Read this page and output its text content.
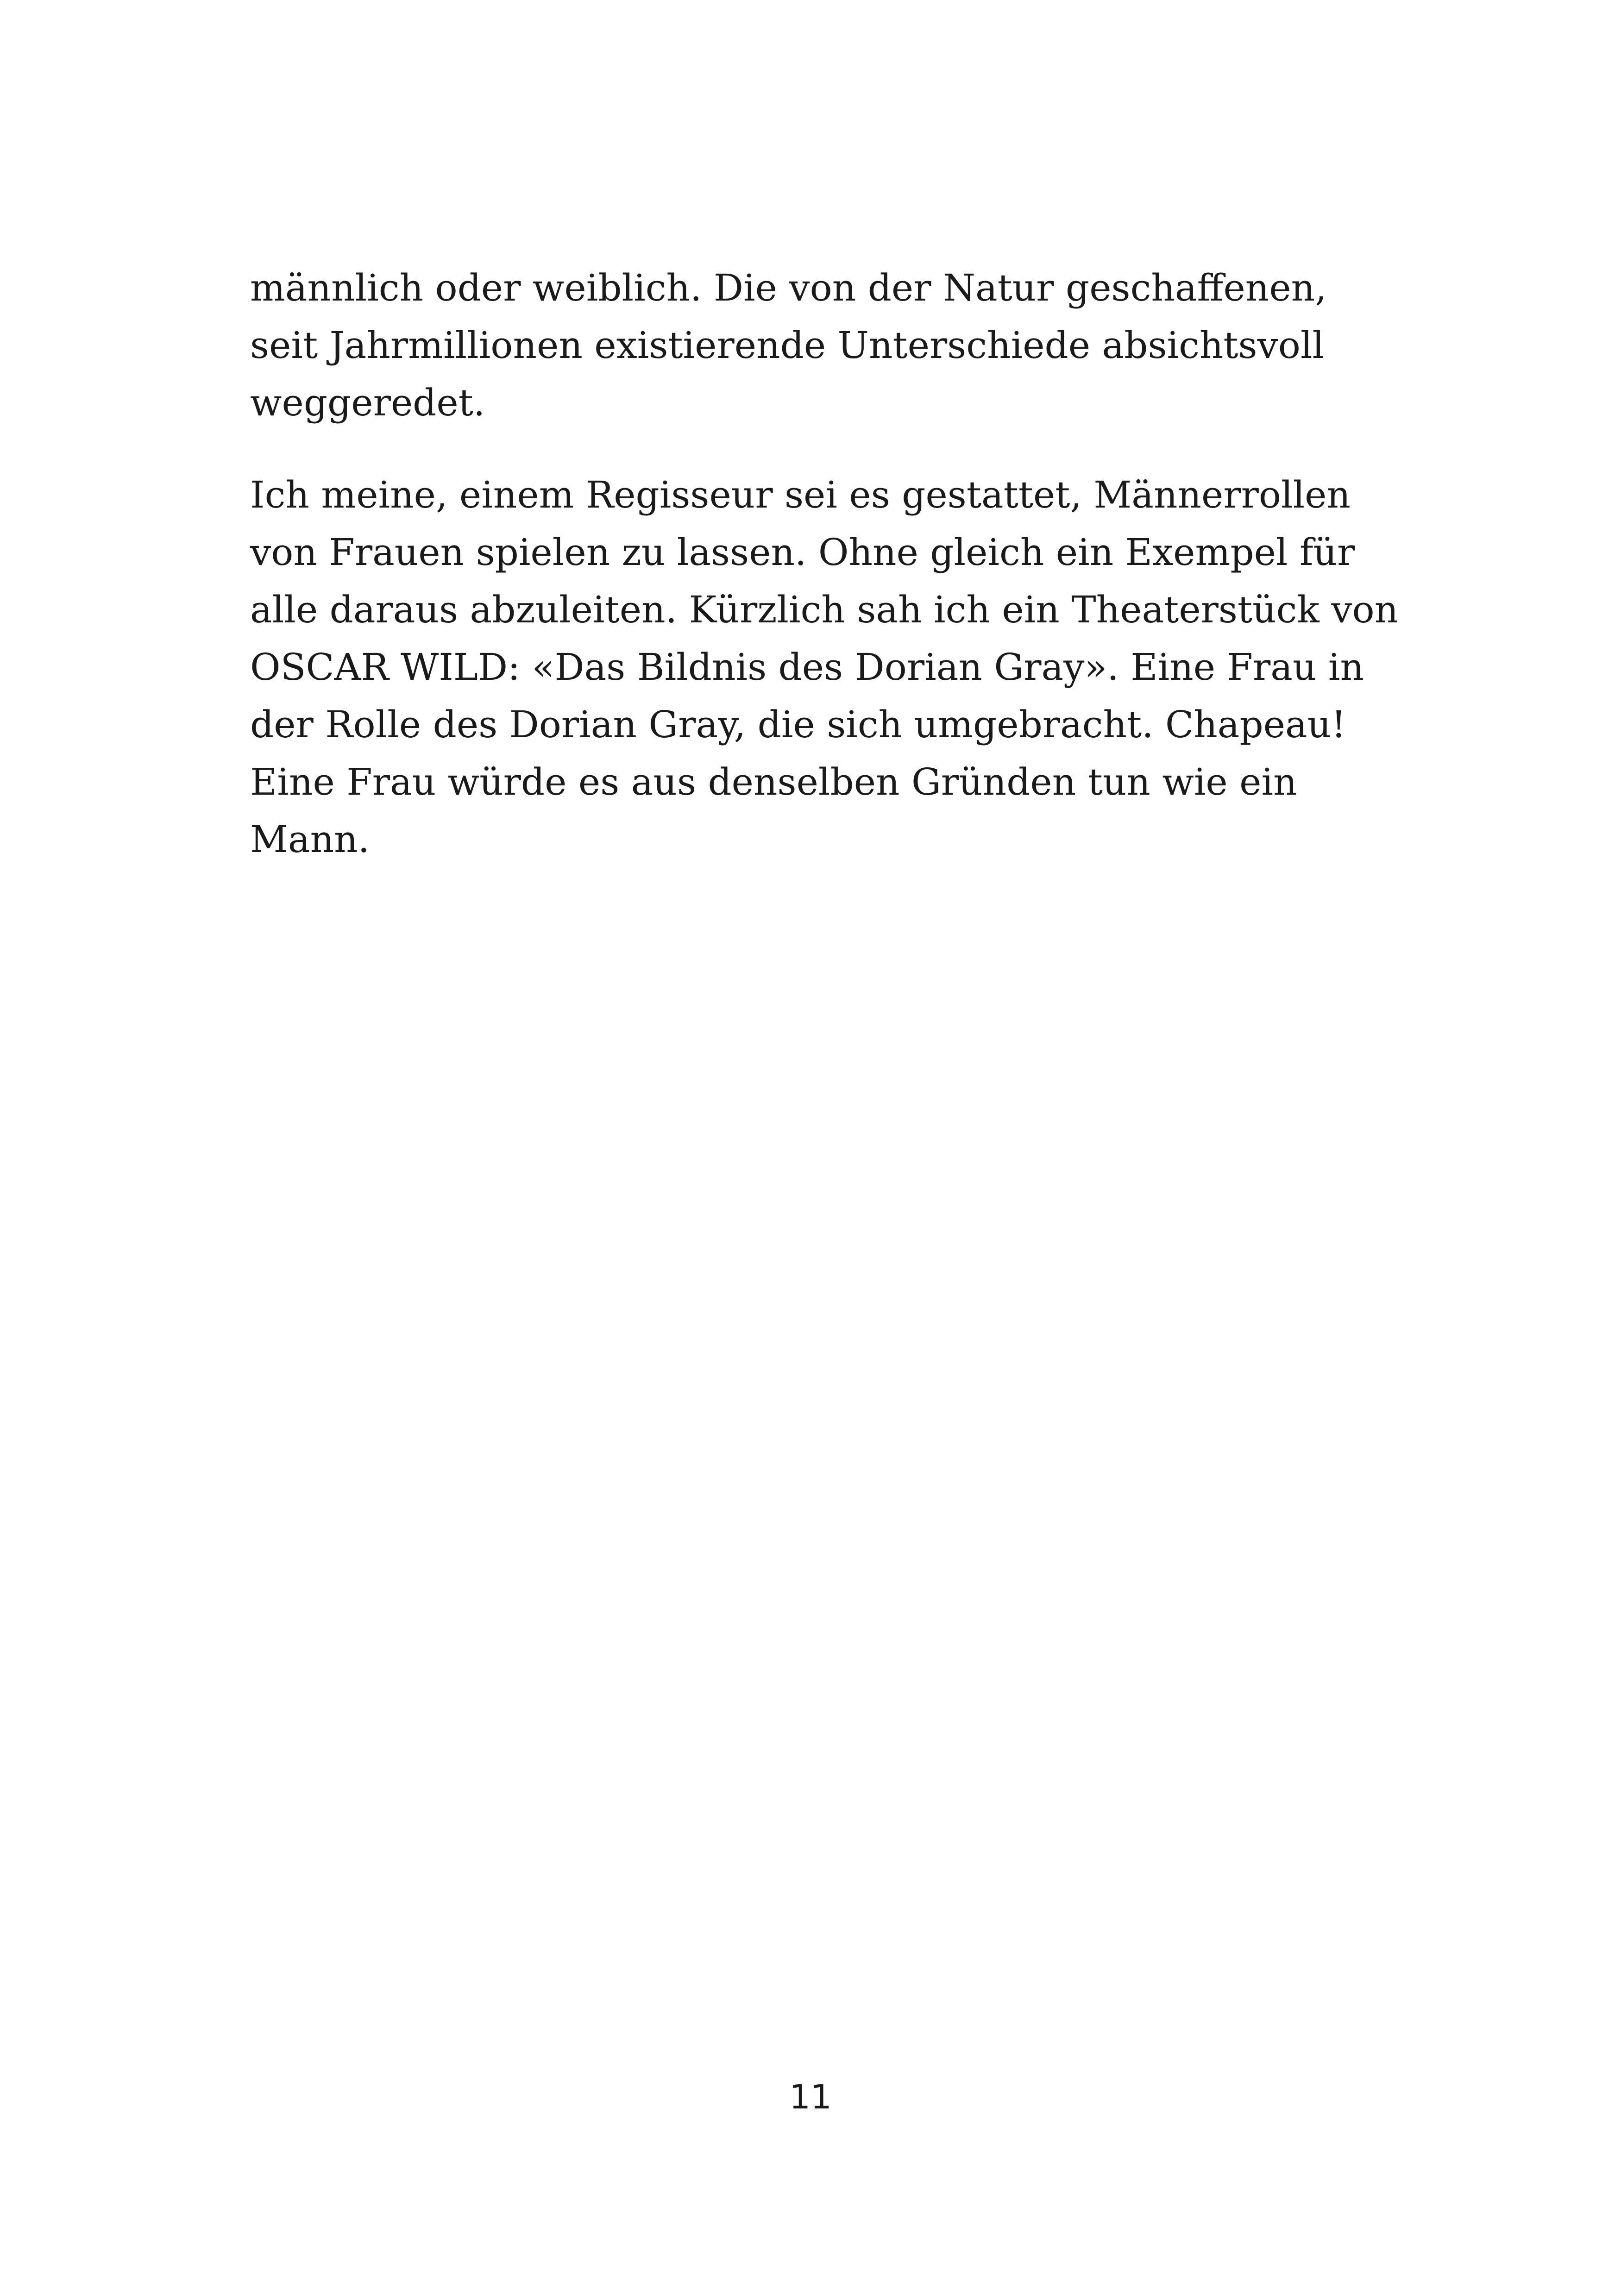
männlich oder weiblich. Die von der Natur geschaffenen,
seit Jahrmillionen existierende Unterschiede absichtsvoll
weggeredet.

Ich meine, einem Regisseur sei es gestattet, Männerrollen
von Frauen spielen zu lassen. Ohne gleich ein Exempel für
alle daraus abzuleiten. Kürzlich sah ich ein Theaterstück von
OSCAR WILD: «Das Bildnis des Dorian Gray». Eine Frau in
der Rolle des Dorian Gray, die sich umgebracht. Chapeau!
Eine Frau würde es aus denselben Gründen tun wie ein
Mann.

11
